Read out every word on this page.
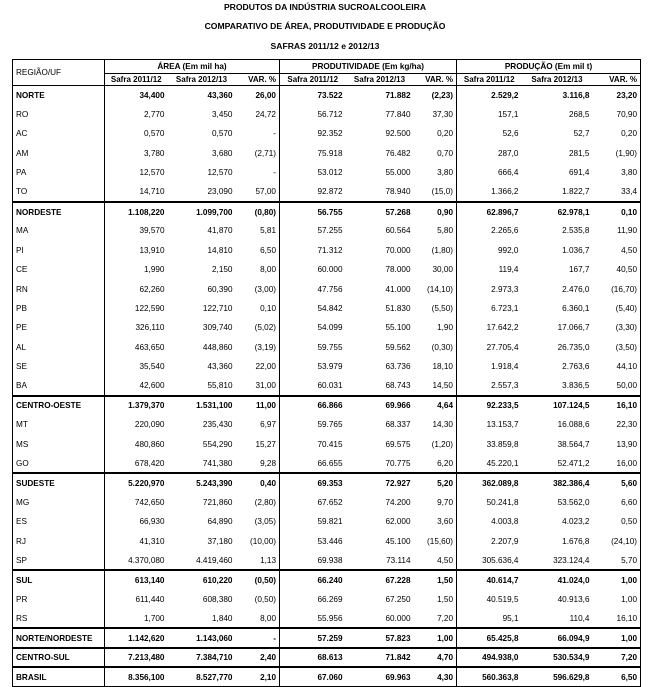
PRODUTOS DA INDÚSTRIA SUCROALCOOLEIRA
COMPARATIVO DE ÁREA, PRODUTIVIDADE E PRODUÇÃO
SAFRAS 2011/12 e 2012/13
REGIÃO/UF	ÁREA (Em mil ha)			PRODUTIVIDADE (Em kg/ha)			PRODUÇÃO (Em mil t)		
	Safra 2011/12	Safra 2012/13	VAR. %	Safra 2011/12	Safra 2012/13	VAR. %	Safra 2011/12	Safra 2012/13	VAR. %
NORTE	34,400	43,360	26,00	73.522	71.882	(2,23)	2.529,2	3.116,8	23,20
RO	2,770	3,450	24,72	56.712	77.840	37,30	157,1	268,5	70,90
AC	0,570	0,570	-	92.352	92.500	0,20	52,6	52,7	0,20
AM	3,780	3,680	(2,71)	75.918	76.482	0,70	287,0	281,5	(1,90)
PA	12,570	12,570	-	53.012	55.000	3,80	666,4	691,4	3,80
TO	14,710	23,090	57,00	92.872	78.940	(15,0)	1.366,2	1.822,7	33,4
NORDESTE	1.108,220	1.099,700	(0,80)	56.755	57.268	0,90	62.896,7	62.978,1	0,10
MA	39,570	41,870	5,81	57.255	60.564	5,80	2.265,6	2.535,8	11,90
PI	13,910	14,810	6,50	71.312	70.000	(1,80)	992,0	1.036,7	4,50
CE	1,990	2,150	8,00	60.000	78.000	30,00	119,4	167,7	40,50
RN	62,260	60,390	(3,00)	47.756	41.000	(14,10)	2.973,3	2.476,0	(16,70)
PB	122,590	122,710	0,10	54.842	51.830	(5,50)	6.723,1	6.360,1	(5,40)
PE	326,110	309,740	(5,02)	54.099	55.100	1,90	17.642,2	17.066,7	(3,30)
AL	463,650	448,860	(3,19)	59.755	59.562	(0,30)	27.705,4	26.735,0	(3,50)
SE	35,540	43,360	22,00	53.979	63.736	18,10	1.918,4	2.763,6	44,10
BA	42,600	55,810	31,00	60.031	68.743	14,50	2.557,3	3.836,5	50,00
CENTRO-OESTE	1.379,370	1.531,100	11,00	66.866	69.966	4,64	92.233,5	107.124,5	16,10
MT	220,090	235,430	6,97	59.765	68.337	14,30	13.153,7	16.088,6	22,30
MS	480,860	554,290	15,27	70.415	69.575	(1,20)	33.859,8	38.564,7	13,90
GO	678,420	741,380	9,28	66.655	70.775	6,20	45.220,1	52.471,2	16,00
SUDESTE	5.220,970	5.243,390	0,40	69.353	72.927	5,20	362.089,8	382.386,4	5,60
MG	742,650	721,860	(2,80)	67.652	74.200	9,70	50.241,8	53.562,0	6,60
ES	66,930	64,890	(3,05)	59.821	62.000	3,60	4.003,8	4.023,2	0,50
RJ	41,310	37,180	(10,00)	53.446	45.100	(15,60)	2.207,9	1.676,8	(24,10)
SP	4.370,080	4.419,460	1,13	69.938	73.114	4,50	305.636,4	323.124,4	5,70
SUL	613,140	610,220	(0,50)	66.240	67.228	1,50	40.614,7	41.024,0	1,00
PR	611,440	608,380	(0,50)	66.269	67.250	1,50	40.519,5	40.913,6	1,00
RS	1,700	1,840	8,00	55.956	60.000	7,20	95,1	110,4	16,10
NORTE/NORDESTE	1.142,620	1.143,060	-	57.259	57.823	1,00	65.425,8	66.094,9	1,00
CENTRO-SUL	7.213,480	7.384,710	2,40	68.613	71.842	4,70	494.938,0	530.534,9	7,20
BRASIL	8.356,100	8.527,770	2,10	67.060	69.963	4,30	560.363,8	596.629,8	6,50
